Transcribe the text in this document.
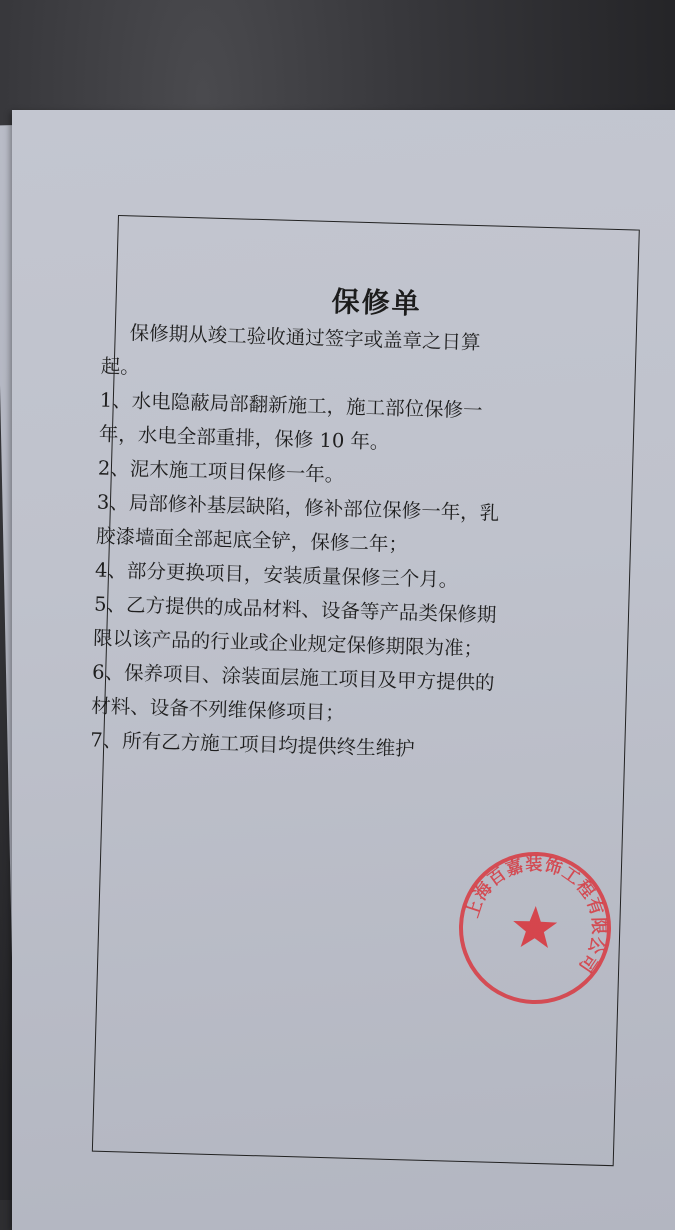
保修单

保修期从竣工验收通过签字或盖章之日算

起。

1、水电隐蔽局部翻新施工，施工部位保修一

年，水电全部重排，保修 10 年。

2、泥木施工项目保修一年。

3、局部修补基层缺陷，修补部位保修一年，乳

胶漆墙面全部起底全铲，保修二年；

4、部分更换项目，安装质量保修三个月。

5、乙方提供的成品材料、设备等产品类保修期

限以该产品的行业或企业规定保修期限为准；

6、保养项目、涂装面层施工项目及甲方提供的

材料、设备不列维保修项目；

7、所有乙方施工项目均提供终生维护

上海百嘉装饰工程有限公司
